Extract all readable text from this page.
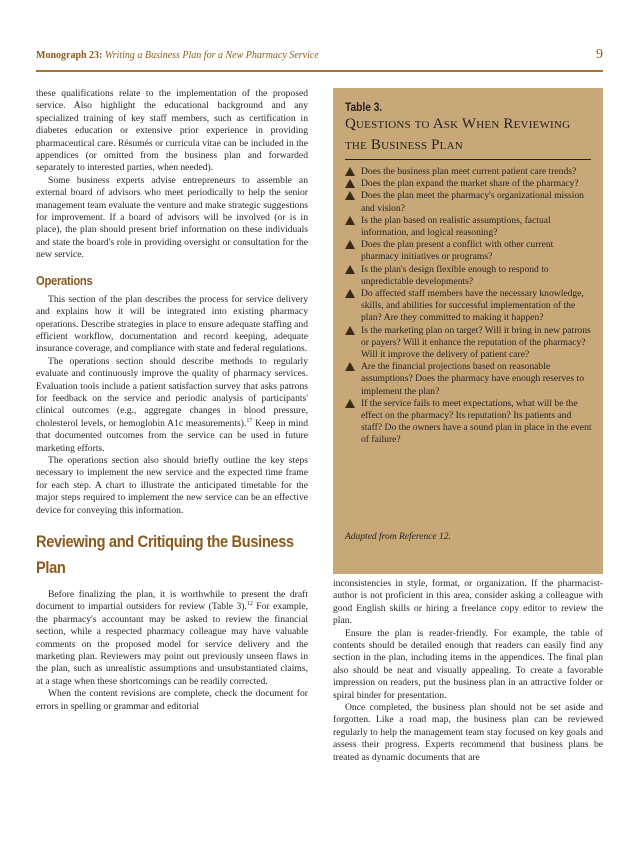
Monograph 23: Writing a Business Plan for a New Pharmacy Service	9

these qualifications relate to the implementation of the proposed service. Also highlight the educational background and any specialized training of key staff members, such as certification in diabetes education or extensive prior experience in providing pharmaceutical care. Résumés or curricula vitae can be included in the appendices (or omitted from the business plan and forwarded separately to interested parties, when needed).

Some business experts advise entrepreneurs to assemble an external board of advisors who meet periodically to help the senior management team evaluate the venture and make strategic suggestions for improvement. If a board of advisors will be involved (or is in place), the plan should present brief information on these individuals and state the board's role in providing oversight or consultation for the new service.

Operations

This section of the plan describes the process for service delivery and explains how it will be integrated into existing pharmacy operations. Describe strategies in place to ensure adequate staffing and efficient workflow, documentation and record keeping, adequate insurance coverage, and compliance with state and federal regulations.

The operations section should describe methods to regularly evaluate and continuously improve the quality of pharmacy services. Evaluation tools include a patient satisfaction survey that asks patrons for feedback on the service and periodic analysis of participants' clinical outcomes (e.g., aggregate changes in blood pressure, cholesterol levels, or hemoglobin A1c measurements).$^{17}$ Keep in mind that documented outcomes from the service can be used in future marketing efforts.

The operations section also should briefly outline the key steps necessary to implement the new service and the expected time frame for each step. A chart to illustrate the anticipated timetable for the major steps required to implement the new service can be an effective device for conveying this information.

Reviewing and Critiquing the Business Plan

Before finalizing the plan, it is worthwhile to present the draft document to impartial outsiders for review (Table 3).$^{12}$ For example, the pharmacy's accountant may be asked to review the financial section, while a respected pharmacy colleague may have valuable comments on the proposed model for service delivery and the marketing plan. Reviewers may point out previously unseen flaws in the plan, such as unrealistic assumptions and unsubstantiated claims, at a stage when these shortcomings can be readily corrected.

When the content revisions are complete, check the document for errors in spelling or grammar and editorial

Table 3.
Questions to Ask When Reviewing the Business Plan
Does the business plan meet current patient care trends?
Does the plan expand the market share of the pharmacy?
Does the plan meet the pharmacy's organizational mission and vision?
Is the plan based on realistic assumptions, factual information, and logical reasoning?
Does the plan present a conflict with other current pharmacy initiatives or programs?
Is the plan's design flexible enough to respond to unpredictable developments?
Do affected staff members have the necessary knowledge, skills, and abilities for successful implementation of the plan? Are they committed to making it happen?
Is the marketing plan on target? Will it bring in new patrons or payers? Will it enhance the reputation of the pharmacy? Will it improve the delivery of patient care?
Are the financial projections based on reasonable assumptions? Does the pharmacy have enough reserves to implement the plan?
If the service fails to meet expectations, what will be the effect on the pharmacy? Its reputation? Its patients and staff? Do the owners have a sound plan in place in the event of failure?
Adapted from Reference 12.

inconsistencies in style, format, or organization. If the pharmacist-author is not proficient in this area, consider asking a colleague with good English skills or hiring a freelance copy editor to review the plan.

Ensure the plan is reader-friendly. For example, the table of contents should be detailed enough that readers can easily find any section in the plan, including items in the appendices. The final plan also should be neat and visually appealing. To create a favorable impression on readers, put the business plan in an attractive folder or spiral binder for presentation.

Once completed, the business plan should not be set aside and forgotten. Like a road map, the business plan can be reviewed regularly to help the management team stay focused on key goals and assess their progress. Experts recommend that business plans be treated as dynamic documents that are
